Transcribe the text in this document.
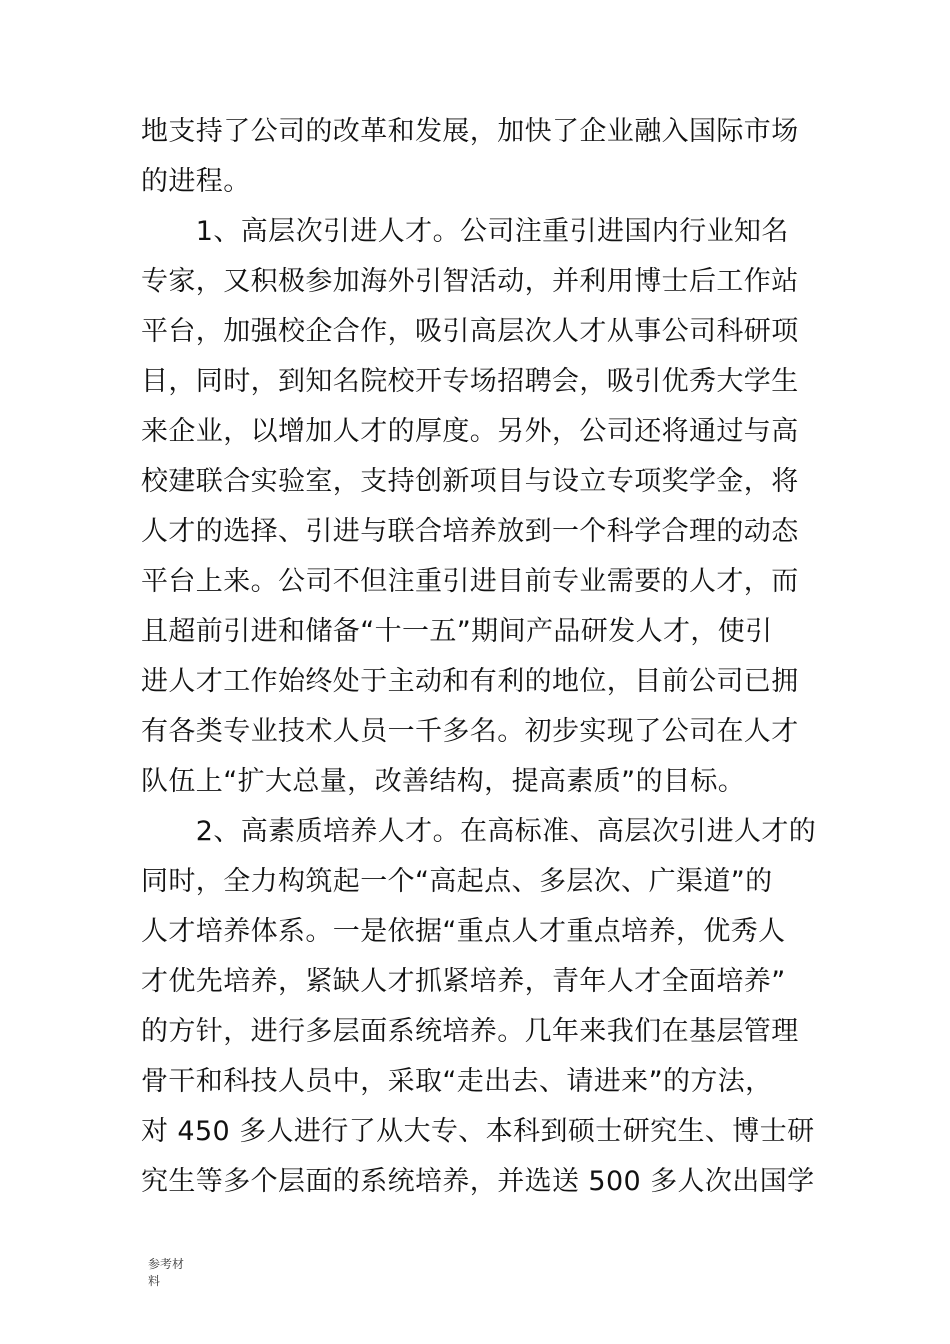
地支持了公司的改革和发展，加快了企业融入国际市场
的进程。
　　1、高层次引进人才。公司注重引进国内行业知名
专家，又积极参加海外引智活动，并利用博士后工作站
平台，加强校企合作，吸引高层次人才从事公司科研项
目，同时，到知名院校开专场招聘会，吸引优秀大学生
来企业，以增加人才的厚度。另外，公司还将通过与高
校建联合实验室，支持创新项目与设立专项奖学金，将
人才的选择、引进与联合培养放到一个科学合理的动态
平台上来。公司不但注重引进目前专业需要的人才，而
且超前引进和储备“十一五”期间产品研发人才，使引
进人才工作始终处于主动和有利的地位，目前公司已拥
有各类专业技术人员一千多名。初步实现了公司在人才
队伍上“扩大总量，改善结构，提高素质”的目标。
　　2、高素质培养人才。在高标准、高层次引进人才的
同时，全力构筑起一个“高起点、多层次、广渠道”的
人才培养体系。一是依据“重点人才重点培养，优秀人
才优先培养，紧缺人才抓紧培养，青年人才全面培养”
的方针，进行多层面系统培养。几年来我们在基层管理
骨干和科技人员中，采取“走出去、请进来”的方法，
对 450 多人进行了从大专、本科到硕士研究生、博士研
究生等多个层面的系统培养，并选送 500 多人次出国学
参考材
料
